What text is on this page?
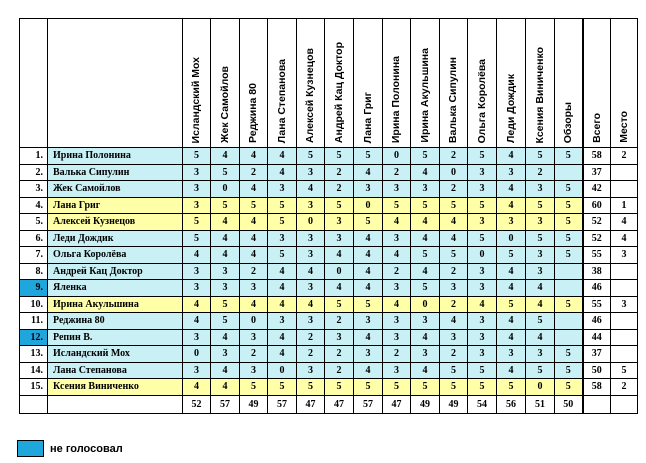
		Исландский Мох	Жек Самойлов	Реджина 80	Лана Степанова	Алексей Кузнецов	Андрей Кац Доктор	Лана Григ	Ирина Полонина	Ирина Акульшина	Валька Сипулин	Ольга Королёва	Леди Дождик	Ксения Виниченко	Обзоры	Всего	Место

1.	Ирина Полонина	5	4	4	4	5	5	5	0	5	2	5	4	5	5	58	2
2.	Валька Сипулин	3	5	2	4	3	2	4	2	4	0	3	3	2		37	
3.	Жек Самойлов	3	0	4	3	4	2	3	3	3	2	3	4	3	5	42	
4.	Лана Григ	3	5	5	5	3	5	0	5	5	5	5	4	5	5	60	1
5.	Алексей Кузнецов	5	4	4	5	0	3	5	4	4	4	3	3	3	5	52	4
6.	Леди Дождик	5	4	4	3	3	3	4	3	4	4	5	0	5	5	52	4
7.	Ольга Королёва	4	4	4	5	3	4	4	4	5	5	0	5	3	5	55	3
8.	Андрей Кац Доктор	3	3	2	4	4	0	4	2	4	2	3	4	3		38	
9.	Яленка	3	3	3	4	3	4	4	3	5	3	3	4	4		46	
10.	Ирина Акульшина	4	5	4	4	4	5	5	4	0	2	4	5	4	5	55	3
11.	Реджина 80	4	5	0	3	3	2	3	3	3	4	3	4	5		46	
12.	Репин В.	3	4	3	4	2	3	4	3	4	3	3	4	4		44	
13.	Исландский Мох	0	3	2	4	2	2	3	2	3	2	3	3	3	5	37	
14.	Лана Степанова	3	4	3	0	3	2	4	3	4	5	5	4	5	5	50	5
15.	Ксения Виниченко	4	4	5	5	5	5	5	5	5	5	5	5	0	5	58	2
		52	57	49	57	47	47	57	47	49	49	54	56	51	50		
не голосовал
